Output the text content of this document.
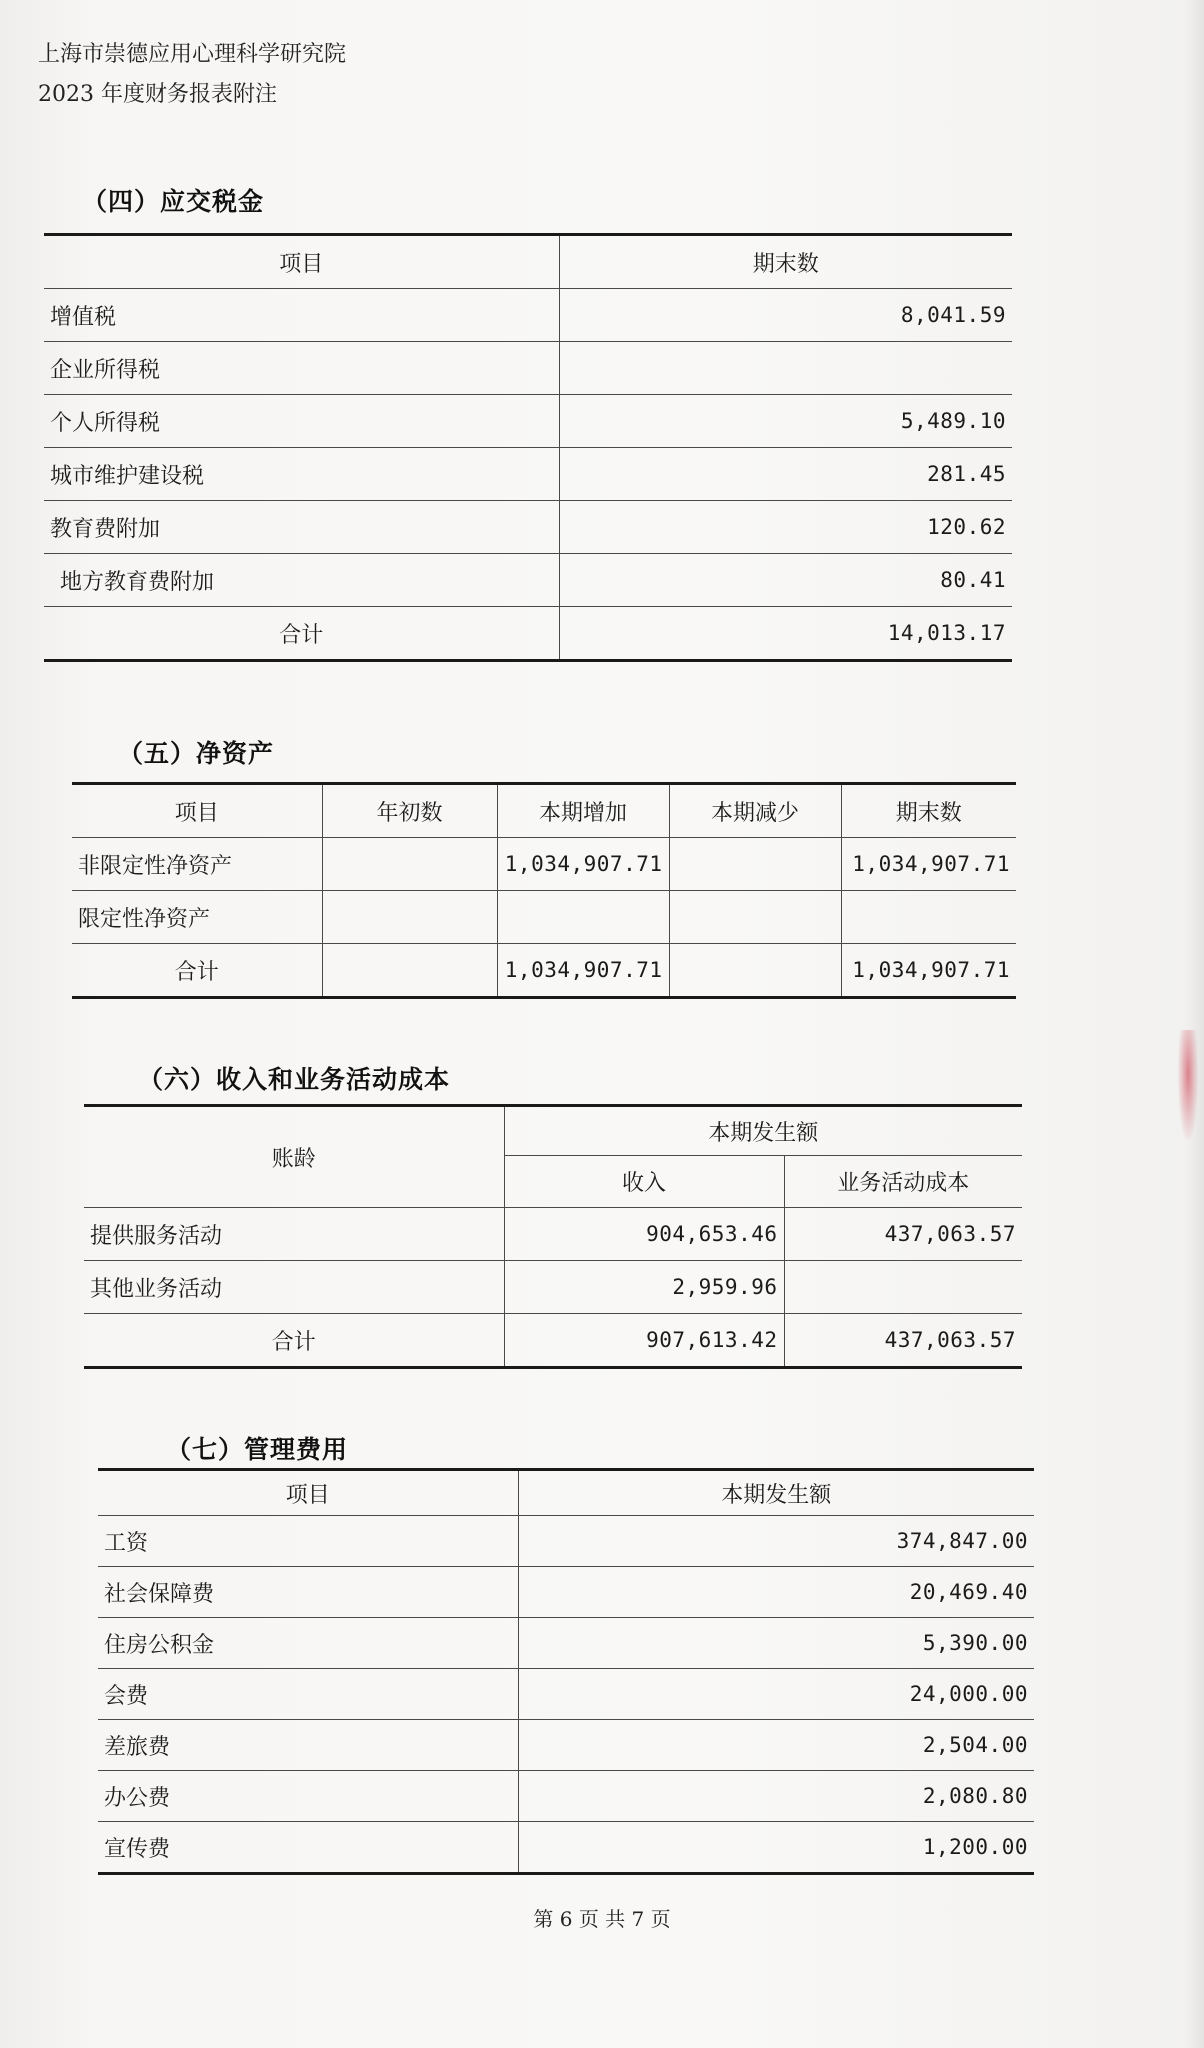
上海市崇德应用心理科学研究院
2023 年度财务报表附注
（四）应交税金
项目	期末数
增值税	8,041.59
企业所得税	
个人所得税	5,489.10
城市维护建设税	281.45
教育费附加	120.62
地方教育费附加	80.41
合计	14,013.17
（五）净资产
项目	年初数	本期增加	本期减少	期末数
非限定性净资产		1,034,907.71		1,034,907.71
限定性净资产				
合计		1,034,907.71		1,034,907.71
（六）收入和业务活动成本
账龄	本期发生额	
	收入	业务活动成本
提供服务活动	904,653.46	437,063.57
其他业务活动	2,959.96	
合计	907,613.42	437,063.57
（七）管理费用
项目	本期发生额
工资	374,847.00
社会保障费	20,469.40
住房公积金	5,390.00
会费	24,000.00
差旅费	2,504.00
办公费	2,080.80
宣传费	1,200.00
第 6 页 共 7 页
